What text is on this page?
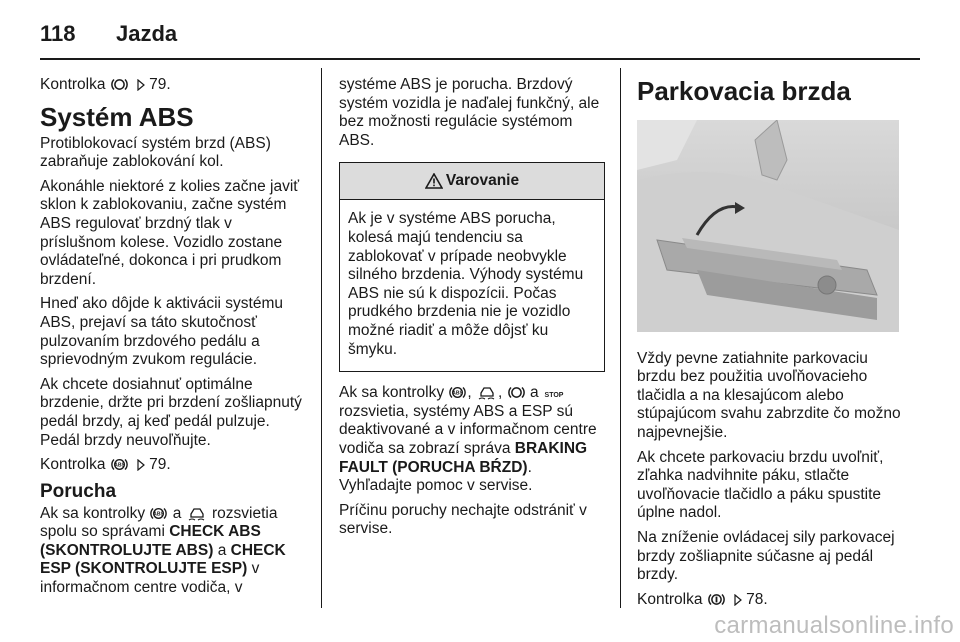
118	Jazda

Kontrolka	79.

Systém ABS

Protiblokovací systém brzd (ABS) zabraňuje zablokování kol.

Akonáhle niektoré z kolies začne javiť sklon k zablokovaniu, začne systém ABS regulovať brzdný tlak v príslušnom kolese. Vozidlo zostane ovládateľné, dokonca i pri prudkom brzdení.

Hneď ako dôjde k aktivácii systému ABS, prejaví sa táto skutočnosť pulzovaním brzdového pedálu a sprievodným zvukom regulácie.

Ak chcete dosiahnuť optimálne brzdenie, držte pri brzdení zošliapnutý pedál brzdy, aj keď pedál pulzuje. Pedál brzdy neuvoľňujte.

Kontrolka ABS 79.

Porucha

Ak sa kontrolky ABS a rozsvietia spolu so správami CHECK ABS (SKONTROLUJTE ABS) a CHECK ESP (SKONTROLUJTE ESP) v informačnom centre vodiča, v

systéme ABS je porucha. Brzdový systém vozidla je naďalej funkčný, ale bez možnosti regulácie systémom ABS.

Varovanie
Ak je v systéme ABS porucha, kolesá majú tendenciu sa zablokovať v prípade neobvykle silného brzdenia. Výhody systému ABS nie sú k dispozícii. Počas prudkého brzdenia nie je vozidlo možné riadiť a môže dôjsť ku šmyku.

Ak sa kontrolky ABS , ,  a STOP
rozsvietia, systémy ABS a ESP sú deaktivované a v informačnom centre vodiča sa zobrazí správa BRAKING FAULT (PORUCHA BŔZD).
Vyhľadajte pomoc v servise.

Príčinu poruchy nechajte odstrániť v servise.

Parkovacia brzda

Vždy pevne zatiahnite parkovaciu brzdu bez použitia uvoľňovacieho tlačidla a na klesajúcom alebo stúpajúcom svahu zabrzdite čo možno najpevnejšie.

Ak chcete parkovaciu brzdu uvoľniť, zľahka nadvihnite páku, stlačte uvoľňovacie tlačidlo a páku spustite úplne nadol.

Na zníženie ovládacej sily parkovacej brzdy zošliapnite súčasne aj pedál brzdy.

Kontrolka	78.

carmanualsonline.info
